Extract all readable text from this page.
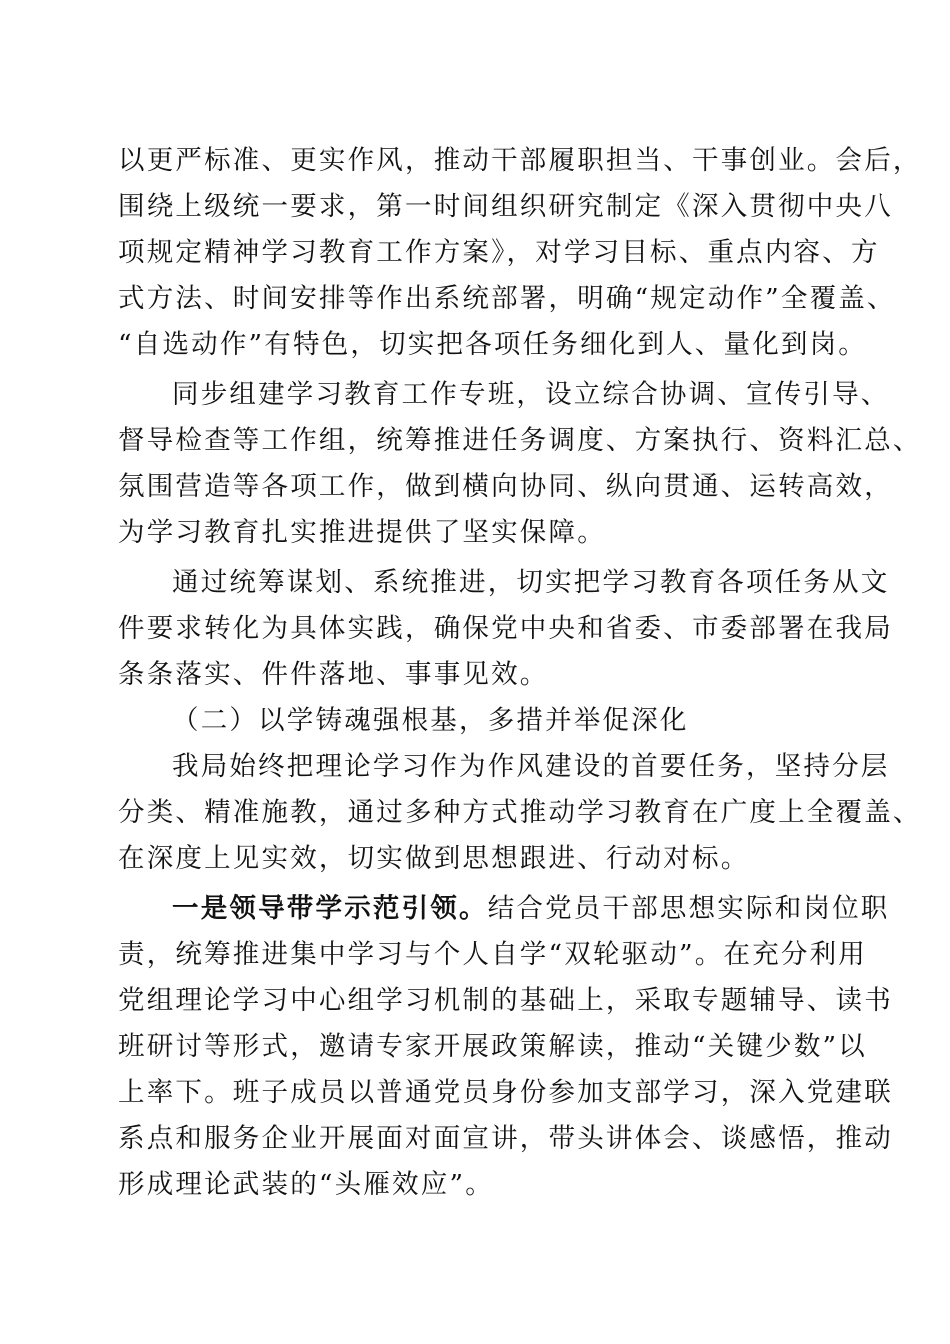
以更严标准、更实作风，推动干部履职担当、干事创业。会后，
围绕上级统一要求，第一时间组织研究制定《深入贯彻中央八
项规定精神学习教育工作方案》，对学习目标、重点内容、方
式方法、时间安排等作出系统部署，明确“规定动作”全覆盖、
“自选动作”有特色，切实把各项任务细化到人、量化到岗。
同步组建学习教育工作专班，设立综合协调、宣传引导、
督导检查等工作组，统筹推进任务调度、方案执行、资料汇总、
氛围营造等各项工作，做到横向协同、纵向贯通、运转高效，
为学习教育扎实推进提供了坚实保障。
通过统筹谋划、系统推进，切实把学习教育各项任务从文
件要求转化为具体实践，确保党中央和省委、市委部署在我局
条条落实、件件落地、事事见效。
（二）以学铸魂强根基，多措并举促深化
我局始终把理论学习作为作风建设的首要任务，坚持分层
分类、精准施教，通过多种方式推动学习教育在广度上全覆盖、
在深度上见实效，切实做到思想跟进、行动对标。
一是领导带学示范引领。结合党员干部思想实际和岗位职
责，统筹推进集中学习与个人自学“双轮驱动”。在充分利用
党组理论学习中心组学习机制的基础上，采取专题辅导、读书
班研讨等形式，邀请专家开展政策解读，推动“关键少数”以
上率下。班子成员以普通党员身份参加支部学习，深入党建联
系点和服务企业开展面对面宣讲，带头讲体会、谈感悟，推动
形成理论武装的“头雁效应”。
